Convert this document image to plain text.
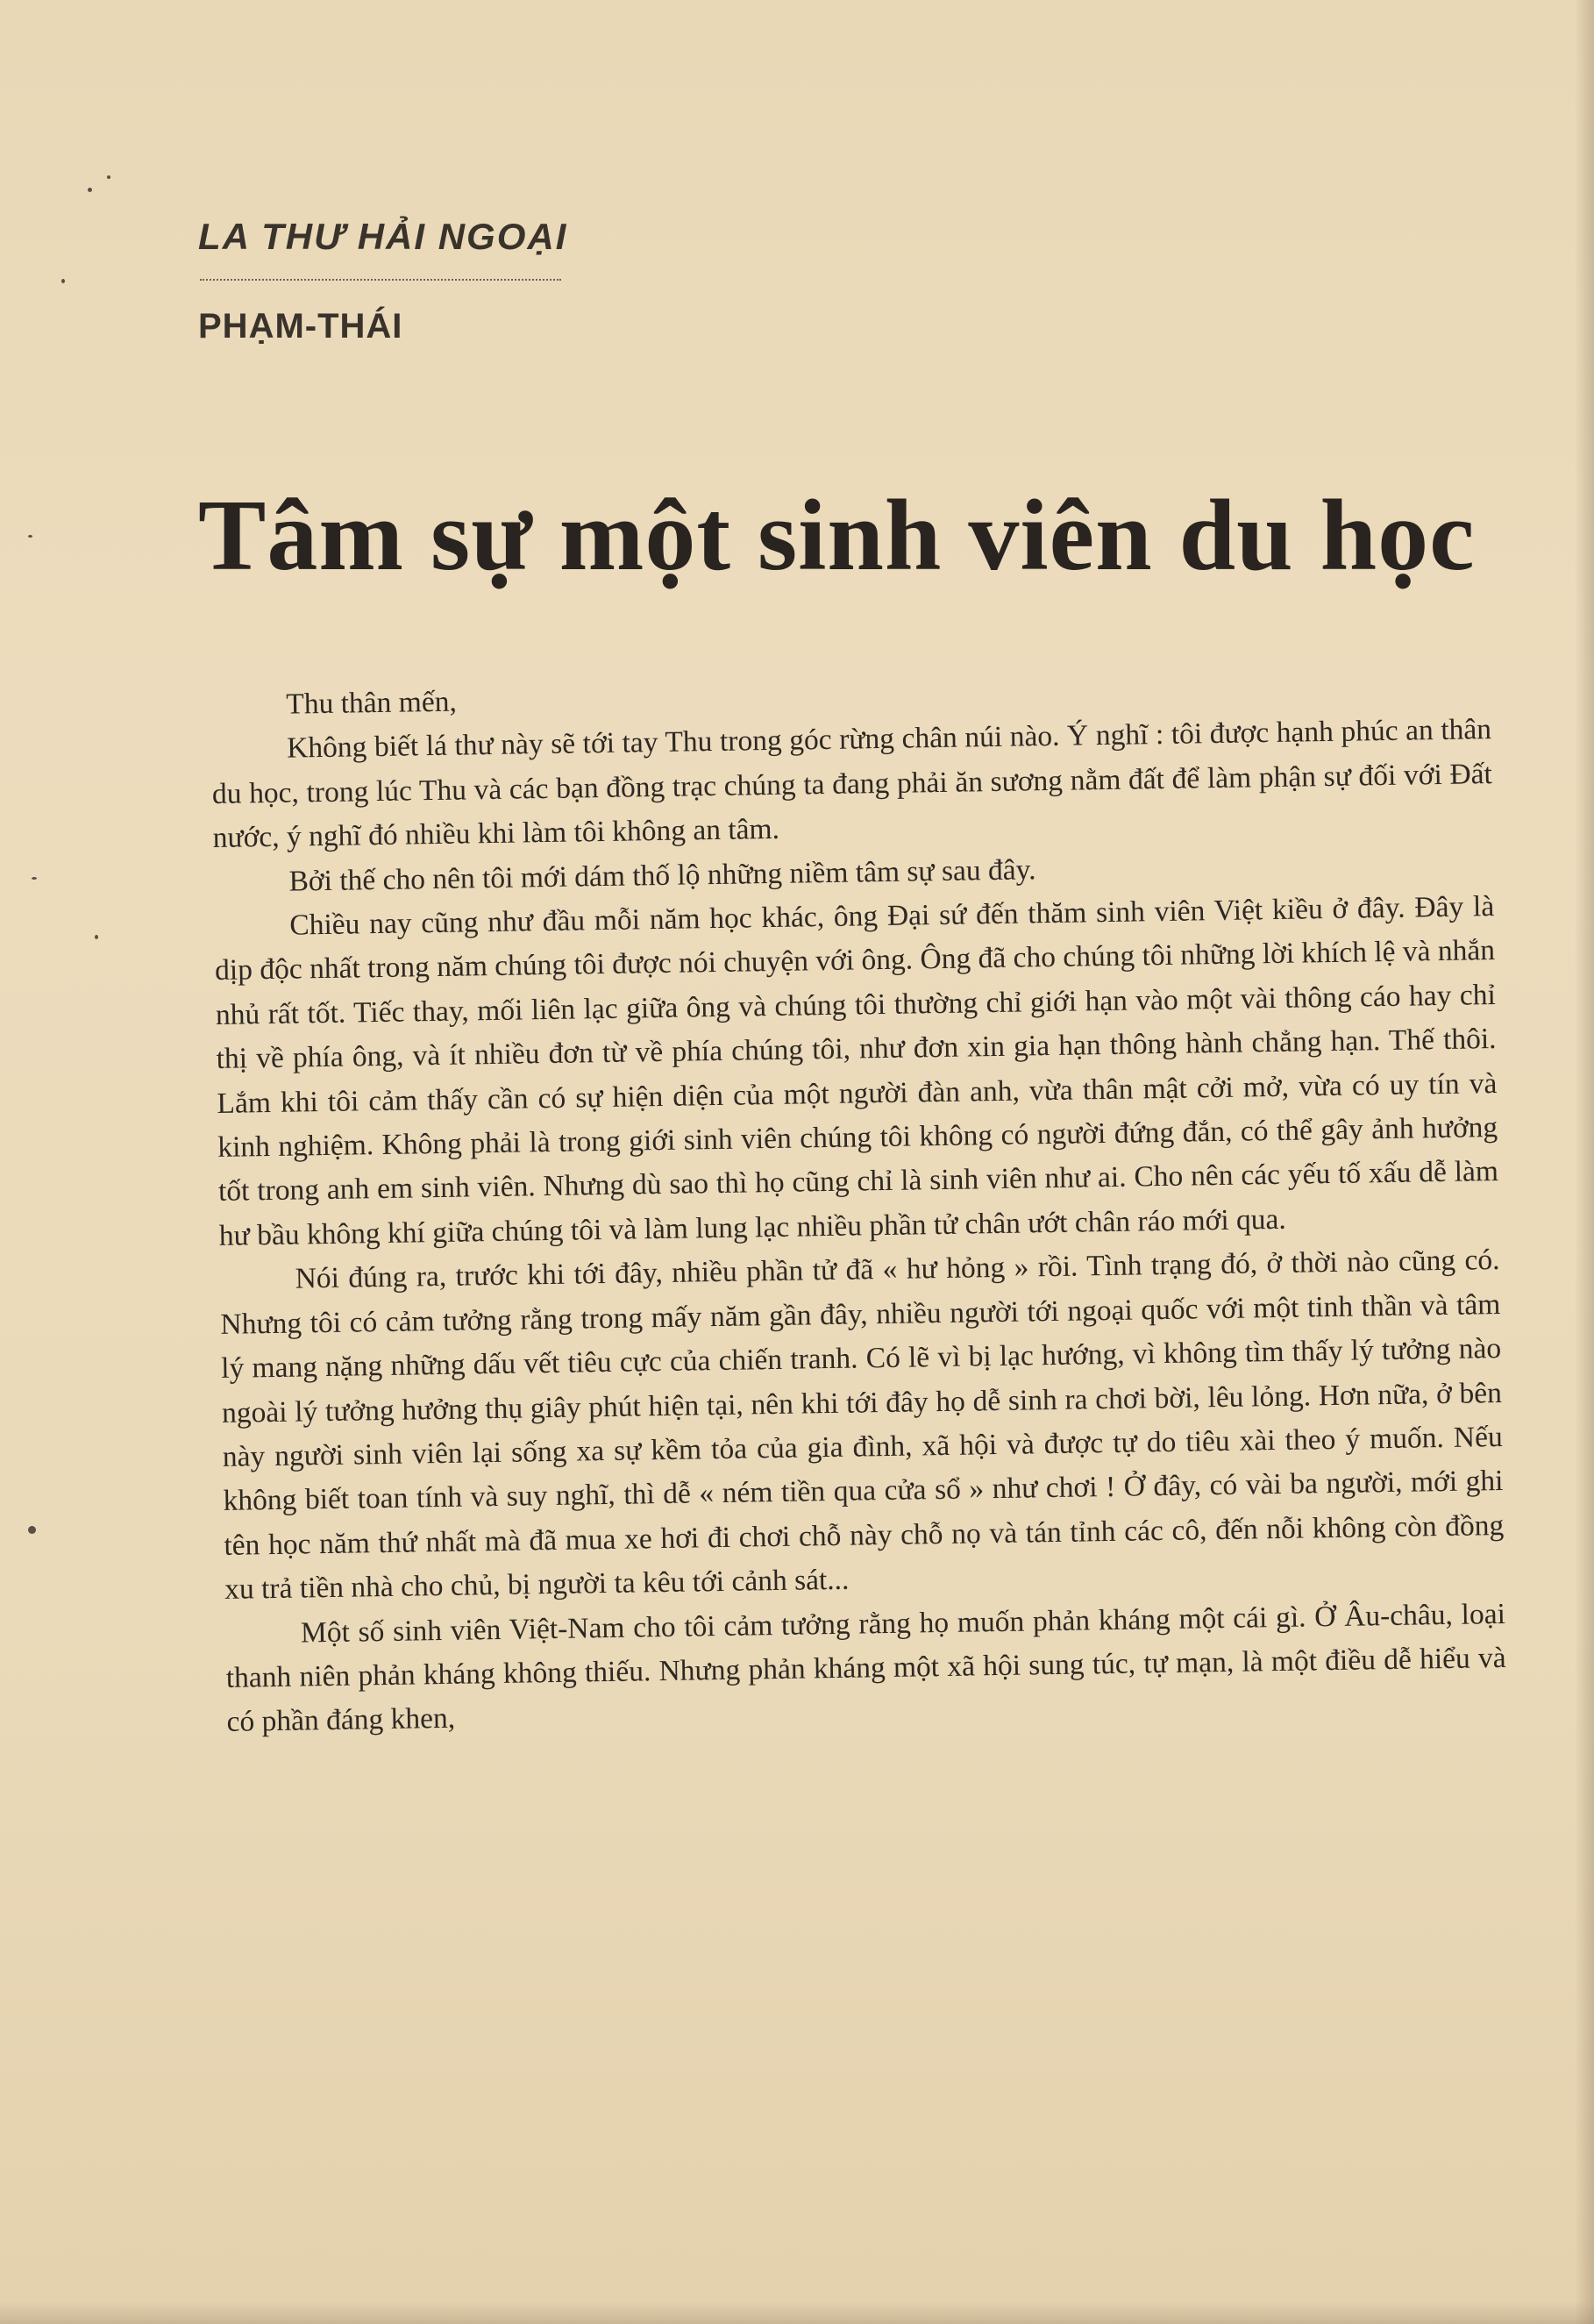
LA THƯ HẢI NGOẠI
PHẠM-THÁI
Tâm sự một sinh viên du học

Thu thân mến,

Không biết lá thư này sẽ tới tay Thu trong góc rừng chân núi nào. Ý nghĩ : tôi được hạnh phúc an thân du học, trong lúc Thu và các bạn đồng trạc chúng ta đang phải ăn sương nằm đất để làm phận sự đối với Đất nước, ý nghĩ đó nhiều khi làm tôi không an tâm.

Bởi thế cho nên tôi mới dám thố lộ những niềm tâm sự sau đây.

Chiều nay cũng như đầu mỗi năm học khác, ông Đại sứ đến thăm sinh viên Việt kiều ở đây. Đây là dịp độc nhất trong năm chúng tôi được nói chuyện với ông. Ông đã cho chúng tôi những lời khích lệ và nhắn nhủ rất tốt. Tiếc thay, mối liên lạc giữa ông và chúng tôi thường chỉ giới hạn vào một vài thông cáo hay chỉ thị về phía ông, và ít nhiều đơn từ về phía chúng tôi, như đơn xin gia hạn thông hành chẳng hạn. Thế thôi. Lắm khi tôi cảm thấy cần có sự hiện diện của một người đàn anh, vừa thân mật cởi mở, vừa có uy tín và kinh nghiệm. Không phải là trong giới sinh viên chúng tôi không có người đứng đắn, có thể gây ảnh hưởng tốt trong anh em sinh viên. Nhưng dù sao thì họ cũng chỉ là sinh viên như ai. Cho nên các yếu tố xấu dễ làm hư bầu không khí giữa chúng tôi và làm lung lạc nhiều phần tử chân ướt chân ráo mới qua.

Nói đúng ra, trước khi tới đây, nhiều phần tử đã « hư hỏng » rồi. Tình trạng đó, ở thời nào cũng có. Nhưng tôi có cảm tưởng rằng trong mấy năm gần đây, nhiều người tới ngoại quốc với một tinh thần và tâm lý mang nặng những dấu vết tiêu cực của chiến tranh. Có lẽ vì bị lạc hướng, vì không tìm thấy lý tưởng nào ngoài lý tưởng hưởng thụ giây phút hiện tại, nên khi tới đây họ dễ sinh ra chơi bời, lêu lỏng. Hơn nữa, ở bên này người sinh viên lại sống xa sự kềm tỏa của gia đình, xã hội và được tự do tiêu xài theo ý muốn. Nếu không biết toan tính và suy nghĩ, thì dễ « ném tiền qua cửa sổ » như chơi ! Ở đây, có vài ba người, mới ghi tên học năm thứ nhất mà đã mua xe hơi đi chơi chỗ này chỗ nọ và tán tỉnh các cô, đến nỗi không còn đồng xu trả tiền nhà cho chủ, bị người ta kêu tới cảnh sát...

Một số sinh viên Việt-Nam cho tôi cảm tưởng rằng họ muốn phản kháng một cái gì. Ở Âu-châu, loại thanh niên phản kháng không thiếu. Nhưng phản kháng một xã hội sung túc, tự mạn, là một điều dễ hiểu và có phần đáng khen,
